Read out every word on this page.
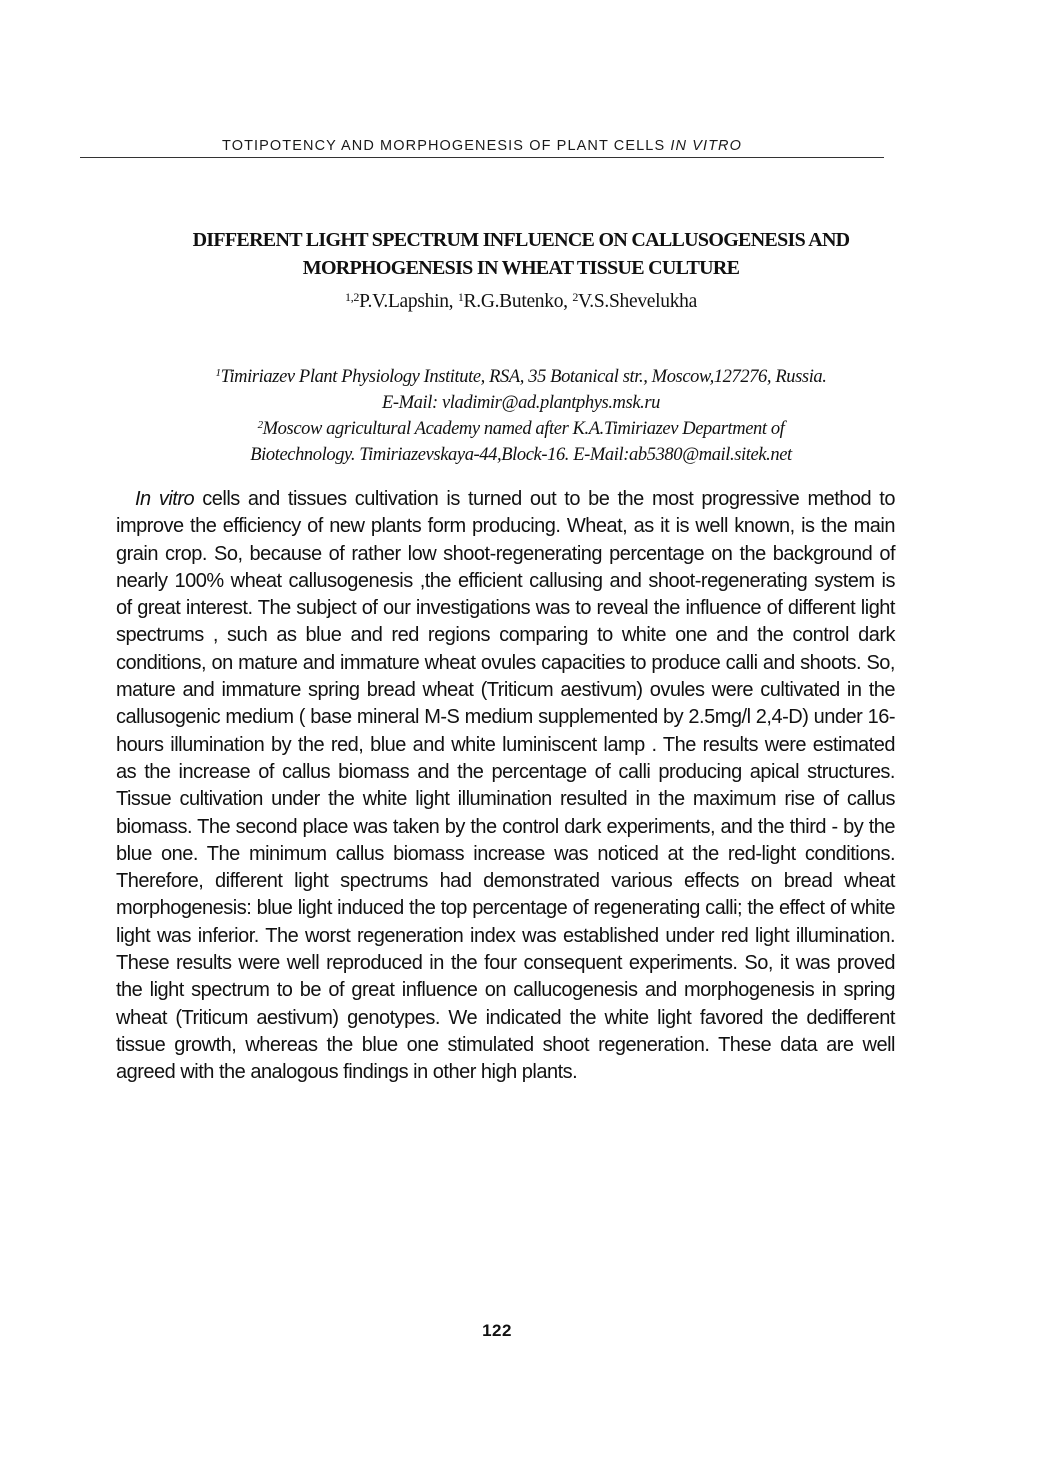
TOTIPOTENCY AND MORPHOGENESIS OF PLANT CELLS IN VITRO
DIFFERENT LIGHT SPECTRUM INFLUENCE ON CALLUSOGENESIS AND
MORPHOGENESIS IN WHEAT TISSUE CULTURE
$^{1,2}$P.V.Lapshin, $^1$R.G.Butenko, $^2$V.S.Shevelukha
$^1$Timiriazev Plant Physiology Institute, RSA, 35 Botanical str., Moscow,127276, Russia.
E-Mail: vladimir@ad.plantphys.msk.ru
$^2$Moscow agricultural Academy named after K.A.Timiriazev Department of
Biotechnology. Timiriazevskaya-44,Block-16. E-Mail:ab5380@mail.sitek.net

In vitro cells and tissues cultivation is turned out to be the most progressive method to improve the efficiency of new plants form producing. Wheat, as it is well known, is the main grain crop. So, because of rather low shoot-regenerating percentage on the background of nearly 100% wheat callusogenesis ,the efficient callusing and shoot-regenerating system is of great interest. The subject of our investigations was to reveal the influence of different light spectrums , such as blue and red regions comparing to white one and the control dark conditions, on mature and immature wheat ovules capacities to produce calli and shoots. So, mature and immature spring bread wheat (Triticum aestivum) ovules were cultivated in the callusogenic medium ( base mineral M-S medium supplemented by 2.5mg/l 2,4-D) under 16-hours illumination by the red, blue and white luminiscent lamp . The results were estimated as the increase of callus biomass and the percentage of calli producing apical structures. Tissue cultivation under the white light illumination resulted in the maximum rise of callus biomass. The second place was taken by the control dark experiments, and the third - by the blue one. The minimum callus biomass increase was noticed at the red-light conditions. Therefore, different light spectrums had demonstrated various effects on bread wheat morphogenesis: blue light induced the top percentage of regenerating calli; the effect of white light was inferior. The worst regeneration index was established under red light illumination. These results were well reproduced in the four consequent experiments. So, it was proved the light spectrum to be of great influence on callucogenesis and morphogenesis in spring wheat (Triticum aestivum) genotypes. We indicated the white light favored the dedifferent tissue growth, whereas the blue one stimulated shoot regeneration. These data are well agreed with the analogous findings in other high plants.

122
